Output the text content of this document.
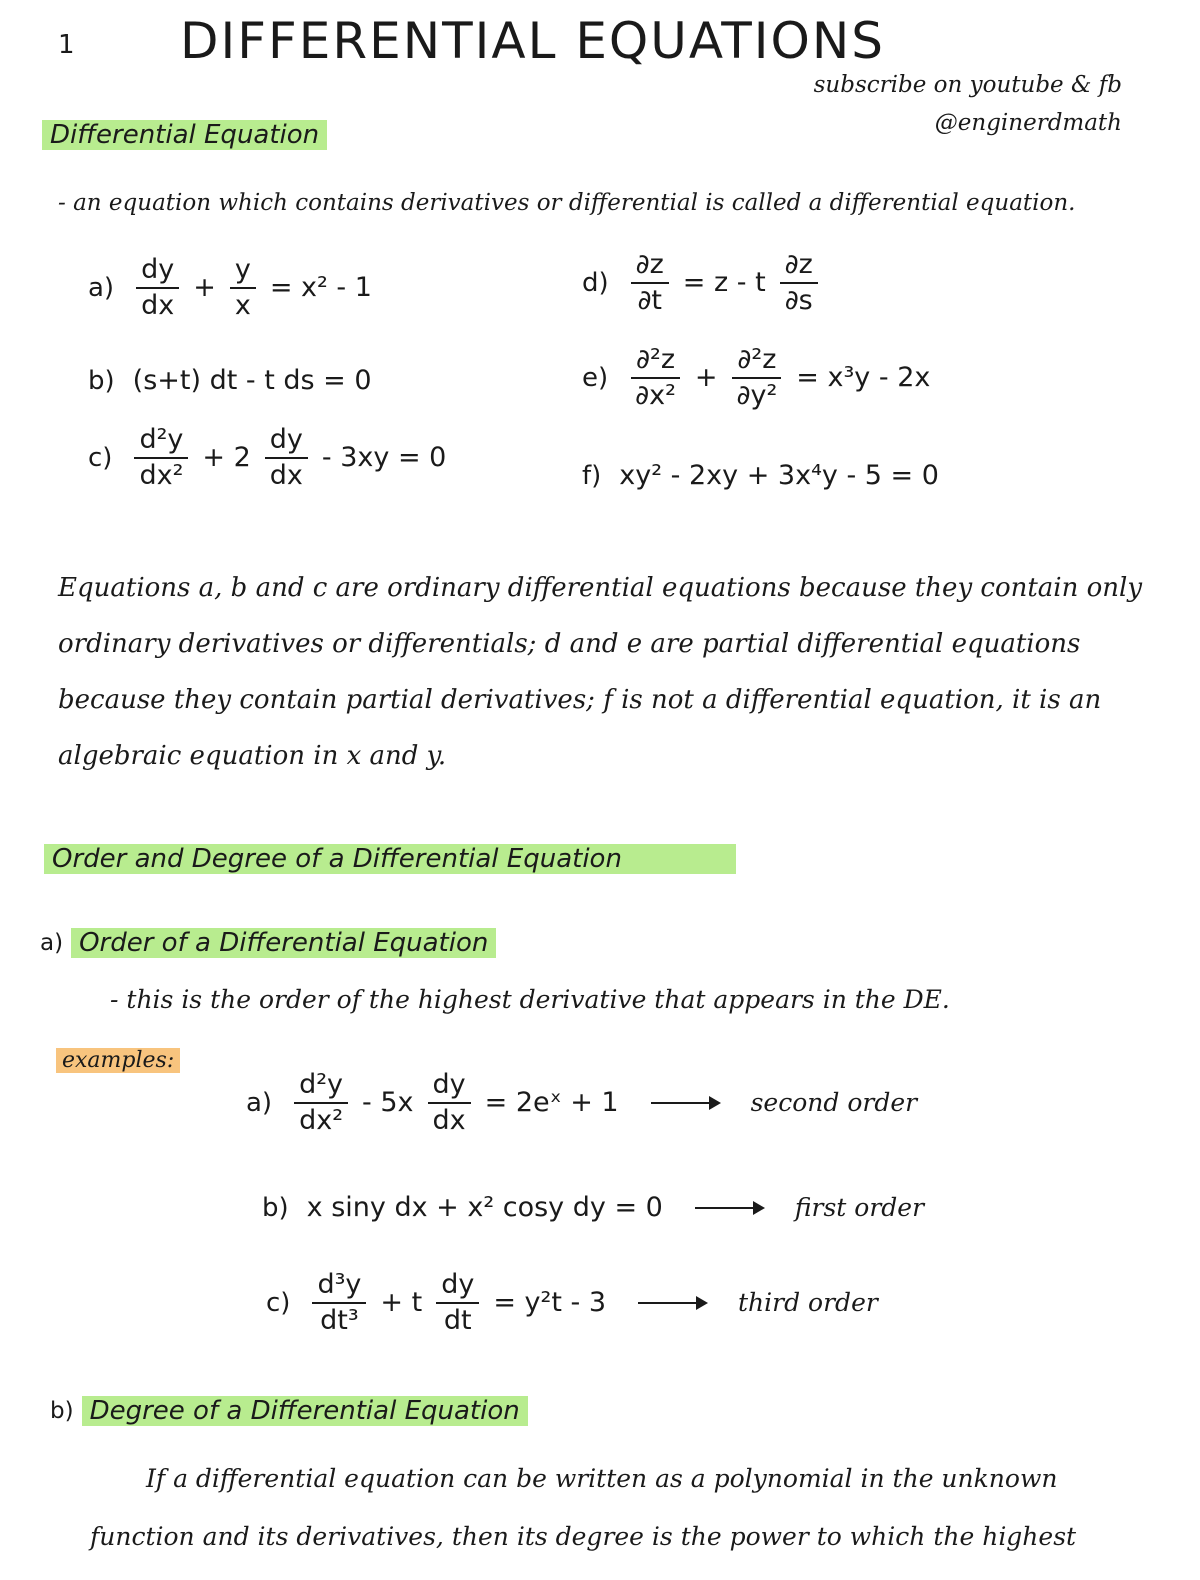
1 DIFFERENTIAL EQUATIONS
subscribe on youtube & fb
@enginerdmath
Differential Equation
- an equation which contains derivatives or differential is called a differential equation.
$a) \frac{dy}{dx} + \frac{y}{x} = x^2 - 1$
b) (s+t) dt - t ds = 0
$c) \frac{\text{d²y}}{\text{dx²}} + 2 \frac{dy}{dx} - 3xy = 0$
$d) \frac{\partial z}{\partial t} = z - t \frac{\partial z}{\partial s}$
$e) \frac{\text{∂²z}}{\text{∂x²}} + \frac{\text{∂²z}}{\text{∂y²}} = x^3y - 2x$
f) xy² - 2xy + 3x⁴y - 5 = 0
Equations a, b and c are ordinary differential equations because they contain only ordinary derivatives or differentials; d and e are partial differential equations because they contain partial derivatives; f is not a differential equation, it is an algebraic equation in x and y.
Order and Degree of a Differential Equation
a) Order of a Differential Equation
- this is the order of the highest derivative that appears in the DE.
examples:
$a) \frac{\text{d²y}}{\text{dx²}} - 5x \frac{dy}{dx}$ = 2eˣ + 1	second order
b) x siny dx + x² cosy dy = 0	first order
$c) \frac{\text{d³y}}{\text{dt³}} + t \frac{dy}{dt} = y^2t - 3$	third order
b) Degree of a Differential Equation
If a differential equation can be written as a polynomial in the unknown function and its derivatives, then its degree is the power to which the highest
